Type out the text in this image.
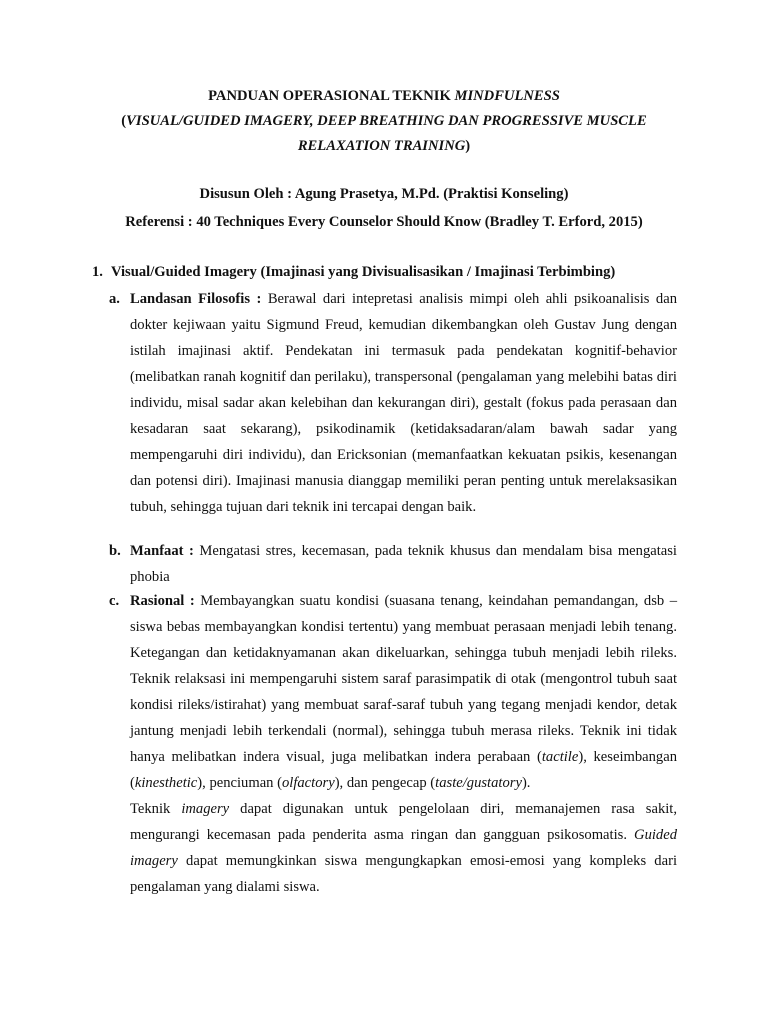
PANDUAN OPERASIONAL TEKNIK MINDFULNESS
(VISUAL/GUIDED IMAGERY, DEEP BREATHING DAN PROGRESSIVE MUSCLE
RELAXATION TRAINING)
Disusun Oleh : Agung Prasetya, M.Pd. (Praktisi Konseling)
Referensi : 40 Techniques Every Counselor Should Know (Bradley T. Erford, 2015)
1. Visual/Guided Imagery (Imajinasi yang Divisualisasikan / Imajinasi Terbimbing)
a. Landasan Filosofis : Berawal dari intepretasi analisis mimpi oleh ahli psikoanalisis dan dokter kejiwaan yaitu Sigmund Freud, kemudian dikembangkan oleh Gustav Jung dengan istilah imajinasi aktif. Pendekatan ini termasuk pada pendekatan kognitif-behavior (melibatkan ranah kognitif dan perilaku), transpersonal (pengalaman yang melebihi batas diri individu, misal sadar akan kelebihan dan kekurangan diri), gestalt (fokus pada perasaan dan kesadaran saat sekarang), psikodinamik (ketidaksadaran/alam bawah sadar yang mempengaruhi diri individu), dan Ericksonian (memanfaatkan kekuatan psikis, kesenangan dan potensi diri). Imajinasi manusia dianggap memiliki peran penting untuk merelaksasikan tubuh, sehingga tujuan dari teknik ini tercapai dengan baik.

b. Manfaat : Mengatasi stres, kecemasan, pada teknik khusus dan mendalam bisa mengatasi phobia

c. Rasional : Membayangkan suatu kondisi (suasana tenang, keindahan pemandangan, dsb – siswa bebas membayangkan kondisi tertentu) yang membuat perasaan menjadi lebih tenang. Ketegangan dan ketidaknyamanan akan dikeluarkan, sehingga tubuh menjadi lebih rileks. Teknik relaksasi ini mempengaruhi sistem saraf parasimpatik di otak (mengontrol tubuh saat kondisi rileks/istirahat) yang membuat saraf-saraf tubuh yang tegang menjadi kendor, detak jantung menjadi lebih terkendali (normal), sehingga tubuh merasa rileks. Teknik ini tidak hanya melibatkan indera visual, juga melibatkan indera perabaan (tactile), keseimbangan (kinesthetic), penciuman (olfactory), dan pengecap (taste/gustatory).

Teknik imagery dapat digunakan untuk pengelolaan diri, memanajemen rasa sakit, mengurangi kecemasan pada penderita asma ringan dan gangguan psikosomatis. Guided imagery dapat memungkinkan siswa mengungkapkan emosi-emosi yang kompleks dari pengalaman yang dialami siswa.
